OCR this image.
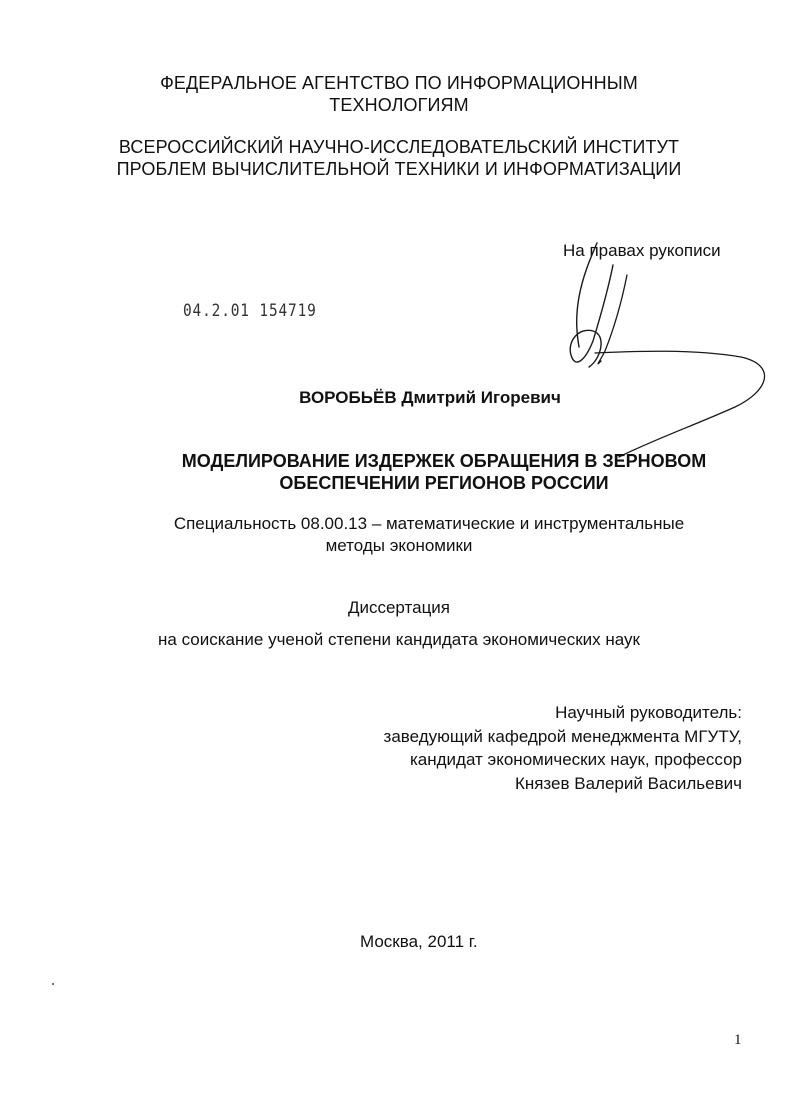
ФЕДЕРАЛЬНОЕ АГЕНТСТВО ПО ИНФОРМАЦИОННЫМ
ТЕХНОЛОГИЯМ
ВСЕРОССИЙСКИЙ НАУЧНО-ИССЛЕДОВАТЕЛЬСКИЙ ИНСТИТУТ
ПРОБЛЕМ ВЫЧИСЛИТЕЛЬНОЙ ТЕХНИКИ И ИНФОРМАТИЗАЦИИ
На правах рукописи
04.2.01 154719
ВОРОБЬЁВ Дмитрий Игоревич
МОДЕЛИРОВАНИЕ ИЗДЕРЖЕК ОБРАЩЕНИЯ В ЗЕРНОВОМ
ОБЕСПЕЧЕНИИ РЕГИОНОВ РОССИИ
Специальность 08.00.13 – математические и инструментальные
методы экономики
Диссертация
на соискание ученой степени кандидата экономических наук
Научный руководитель:
заведующий кафедрой менеджмента МГУТУ,
кандидат экономических наук, профессор
Князев Валерий Васильевич
Москва, 2011 г.
1
